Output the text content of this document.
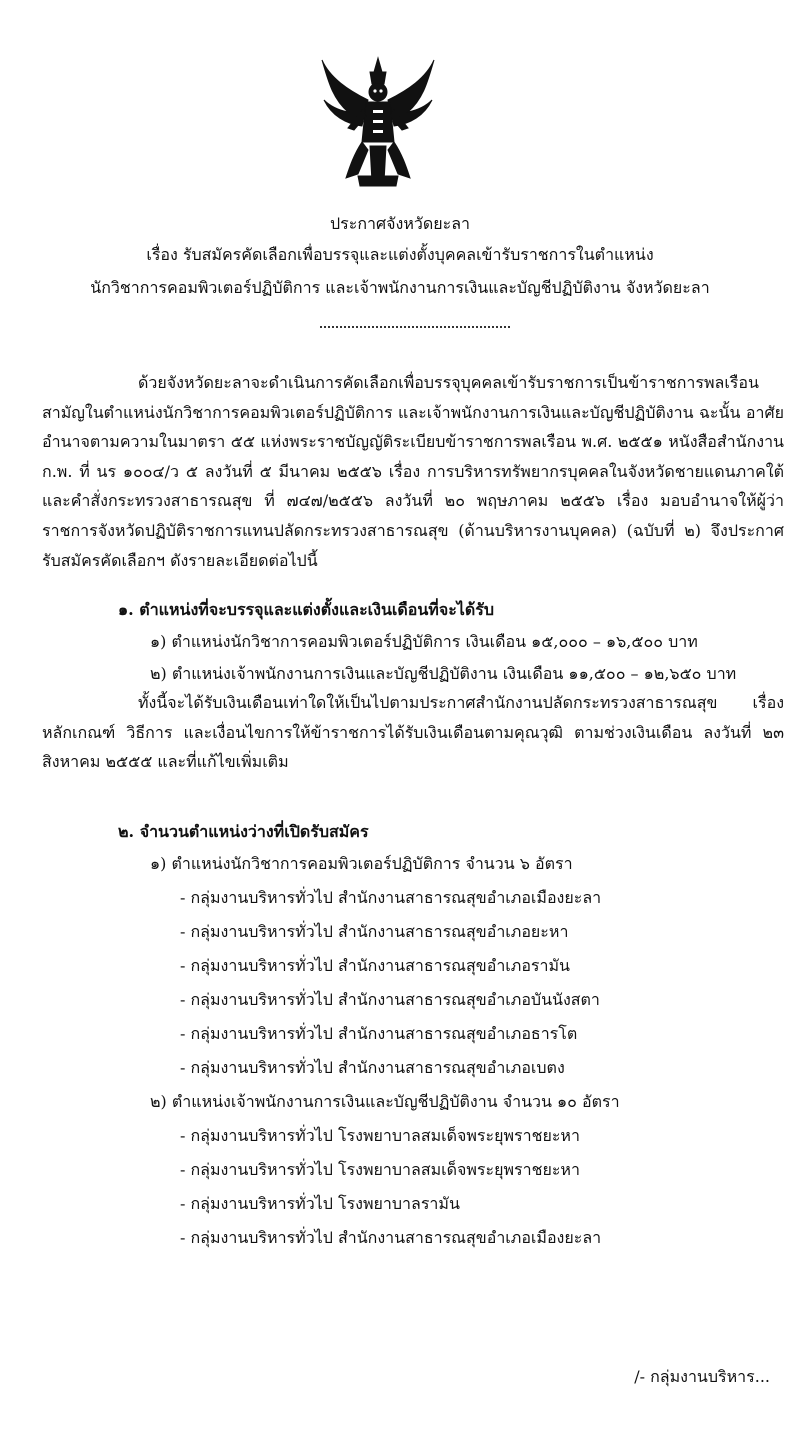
ประกาศจังหวัดยะลา
เรื่อง รับสมัครคัดเลือกเพื่อบรรจุและแต่งตั้งบุคคลเข้ารับราชการในตำแหน่ง
นักวิชาการคอมพิวเตอร์ปฏิบัติการ และเจ้าพนักงานการเงินและบัญชีปฏิบัติงาน จังหวัดยะลา
ด้วยจังหวัดยะลาจะดำเนินการคัดเลือกเพื่อบรรจุบุคคลเข้ารับราชการเป็นข้าราชการพลเรือนสามัญในตำแหน่งนักวิชาการคอมพิวเตอร์ปฏิบัติการ และเจ้าพนักงานการเงินและบัญชีปฏิบัติงาน ฉะนั้น อาศัยอำนาจตามความในมาตรา ๕๕ แห่งพระราชบัญญัติระเบียบข้าราชการพลเรือน พ.ศ. ๒๕๕๑ หนังสือสำนักงาน ก.พ. ที่ นร ๑๐๐๔/ว ๕ ลงวันที่ ๕ มีนาคม ๒๕๕๖ เรื่อง การบริหารทรัพยากรบุคคลในจังหวัดชายแดนภาคใต้ และคำสั่งกระทรวงสาธารณสุข ที่ ๗๔๗/๒๕๕๖ ลงวันที่ ๒๐ พฤษภาคม ๒๕๕๖ เรื่อง มอบอำนาจให้ผู้ว่าราชการจังหวัดปฏิบัติราชการแทนปลัดกระทรวงสาธารณสุข (ด้านบริหารงานบุคคล) (ฉบับที่ ๒) จึงประกาศรับสมัครคัดเลือกฯ ดังรายละเอียดต่อไปนี้
๑. ตำแหน่งที่จะบรรจุและแต่งตั้งและเงินเดือนที่จะได้รับ
๑) ตำแหน่งนักวิชาการคอมพิวเตอร์ปฏิบัติการ เงินเดือน ๑๕,๐๐๐ – ๑๖,๕๐๐ บาท
๒) ตำแหน่งเจ้าพนักงานการเงินและบัญชีปฏิบัติงาน เงินเดือน ๑๑,๕๐๐ – ๑๒,๖๕๐ บาท
ทั้งนี้จะได้รับเงินเดือนเท่าใดให้เป็นไปตามประกาศสำนักงานปลัดกระทรวงสาธารณสุข เรื่อง หลักเกณฑ์ วิธีการ และเงื่อนไขการให้ข้าราชการได้รับเงินเดือนตามคุณวุฒิ ตามช่วงเงินเดือน ลงวันที่ ๒๓ สิงหาคม ๒๕๕๕ และที่แก้ไขเพิ่มเติม
๒. จำนวนตำแหน่งว่างที่เปิดรับสมัคร
๑) ตำแหน่งนักวิชาการคอมพิวเตอร์ปฏิบัติการ จำนวน ๖ อัตรา
- กลุ่มงานบริหารทั่วไป สำนักงานสาธารณสุขอำเภอเมืองยะลา
- กลุ่มงานบริหารทั่วไป สำนักงานสาธารณสุขอำเภอยะหา
- กลุ่มงานบริหารทั่วไป สำนักงานสาธารณสุขอำเภอรามัน
- กลุ่มงานบริหารทั่วไป สำนักงานสาธารณสุขอำเภอบันนังสตา
- กลุ่มงานบริหารทั่วไป สำนักงานสาธารณสุขอำเภอธารโต
- กลุ่มงานบริหารทั่วไป สำนักงานสาธารณสุขอำเภอเบตง
๒) ตำแหน่งเจ้าพนักงานการเงินและบัญชีปฏิบัติงาน จำนวน ๑๐ อัตรา
- กลุ่มงานบริหารทั่วไป โรงพยาบาลสมเด็จพระยุพราชยะหา
- กลุ่มงานบริหารทั่วไป โรงพยาบาลสมเด็จพระยุพราชยะหา
- กลุ่มงานบริหารทั่วไป โรงพยาบาลรามัน
- กลุ่มงานบริหารทั่วไป สำนักงานสาธารณสุขอำเภอเมืองยะลา
/- กลุ่มงานบริหาร...
